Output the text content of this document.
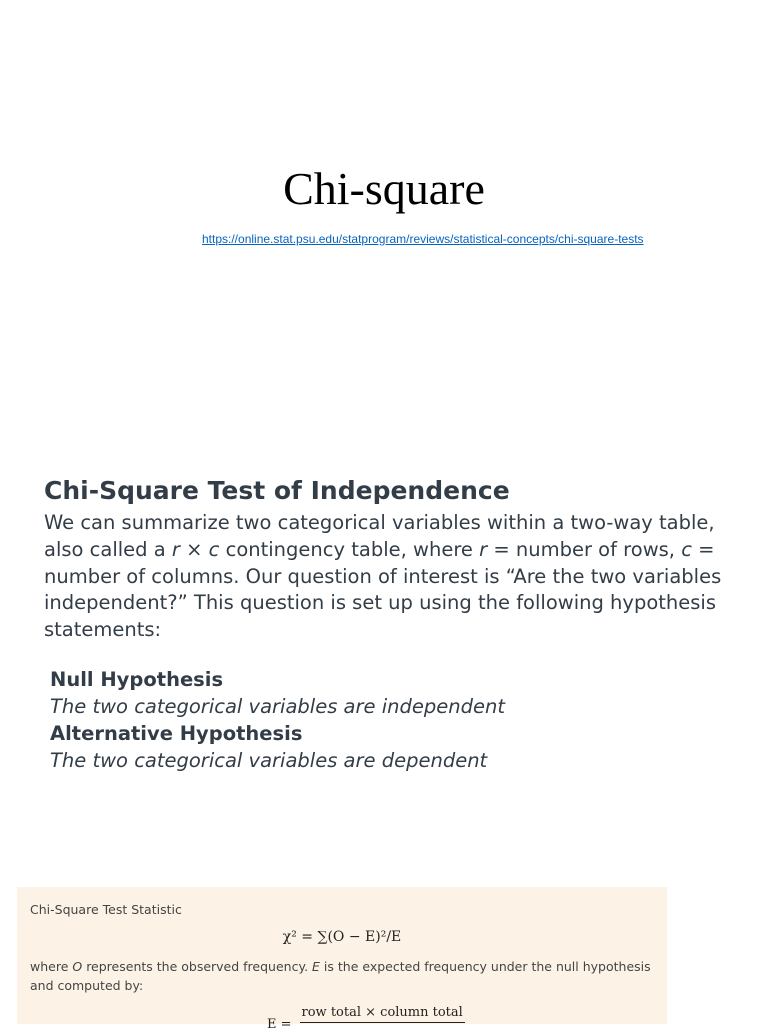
Chi-square
https://online.stat.psu.edu/statprogram/reviews/statistical-concepts/chi-square-tests
Chi-Square Test of Independence
We can summarize two categorical variables within a two-way table, also called a r × c contingency table, where r = number of rows, c = number of columns. Our question of interest is “Are the two variables independent?” This question is set up using the following hypothesis statements:
Null Hypothesis
The two categorical variables are independent
Alternative Hypothesis
The two categorical variables are dependent
Chi-Square Test Statistic
χ² = ∑(O − E)²/E
where O represents the observed frequency. E is the expected frequency under the null hypothesis and computed by:
E =
row total × column total
